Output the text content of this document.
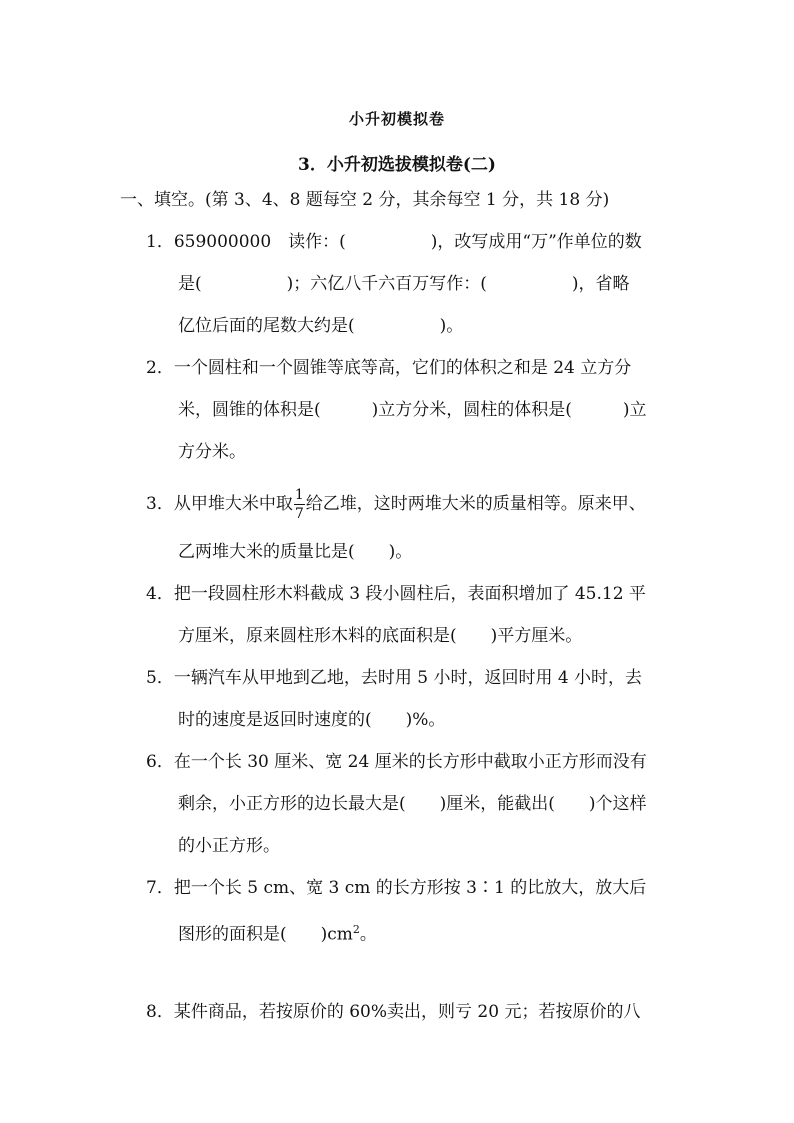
小升初模拟卷
3．小升初选拔模拟卷(二)
一、填空。(第 3、4、8 题每空 2 分，其余每空 1 分，共 18 分)
1．659000000　读作：(　　　　　)，改写成用“万”作单位的数
是(　　　　　)；六亿八千六百万写作：(　　　　　)，省略
亿位后面的尾数大约是(　　　　　)。
2．一个圆柱和一个圆锥等底等高，它们的体积之和是 24 立方分
米，圆锥的体积是(　　　)立方分米，圆柱的体积是(　　　)立
方分米。
3．从甲堆大米中取 $\frac{1}{7}$ 给乙堆，这时两堆大米的质量相等。原来甲、
乙两堆大米的质量比是(　　)。
4．把一段圆柱形木料截成 3 段小圆柱后，表面积增加了 45.12 平
方厘米，原来圆柱形木料的底面积是(　　)平方厘米。
5．一辆汽车从甲地到乙地，去时用 5 小时，返回时用 4 小时，去
时的速度是返回时速度的(　　)%。
6．在一个长 30 厘米、宽 24 厘米的长方形中截取小正方形而没有
剩余，小正方形的边长最大是(　　)厘米，能截出(　　)个这样
的小正方形。
7．把一个长 5 cm、宽 3 cm 的长方形按 3∶1 的比放大，放大后
图形的面积是(　　)$cm^2$。
8．某件商品，若按原价的 60%卖出，则亏 20 元；若按原价的八
